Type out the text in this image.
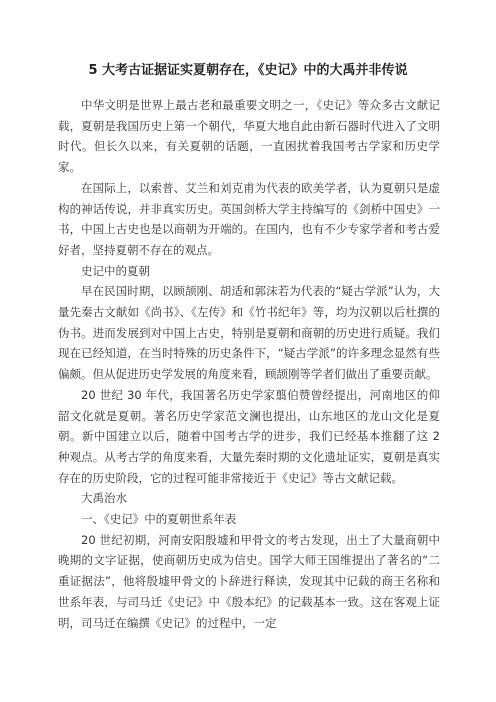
5 大考古证据证实夏朝存在，《史记》中的大禹并非传说

中华文明是世界上最古老和最重要文明之一，《史记》等众多古文献记载，夏朝是我国历史上第一个朝代，华夏大地自此由新石器时代进入了文明时代。但长久以来，有关夏朝的话题，一直困扰着我国考古学家和历史学家。

在国际上，以索普、艾兰和刘克甫为代表的欧美学者，认为夏朝只是虚构的神话传说，并非真实历史。英国剑桥大学主持编写的《剑桥中国史》一书，中国上古史也是以商朝为开端的。在国内，也有不少专家学者和考古爱好者，坚持夏朝不存在的观点。

史记中的夏朝

早在民国时期，以顾颉刚、胡适和郭沫若为代表的“疑古学派”认为，大量先秦古文献如《尚书》、《左传》和《竹书纪年》等，均为汉朝以后杜撰的伪书。进而发展到对中国上古史，特别是夏朝和商朝的历史进行质疑。我们现在已经知道，在当时特殊的历史条件下，“疑古学派”的许多理念显然有些偏颇。但从促进历史学发展的角度来看，顾颉刚等学者们做出了重要贡献。

20 世纪 30 年代，我国著名历史学家翦伯赞曾经提出，河南地区的仰韶文化就是夏朝。著名历史学家范文澜也提出，山东地区的龙山文化是夏朝。新中国建立以后，随着中国考古学的进步，我们已经基本推翻了这 2 种观点。从考古学的角度来看，大量先秦时期的文化遗址证实，夏朝是真实存在的历史阶段，它的过程可能非常接近于《史记》等古文献记载。

大禹治水

一、《史记》中的夏朝世系年表

20 世纪初期，河南安阳殷墟和甲骨文的考古发现，出土了大量商朝中晚期的文字证据，使商朝历史成为信史。国学大师王国维提出了著名的“二重证据法”，他将殷墟甲骨文的卜辞进行释读，发现其中记载的商王名称和世系年表，与司马迁《史记》中《殷本纪》的记载基本一致。这在客观上证明，司马迁在编撰《史记》的过程中，一定
